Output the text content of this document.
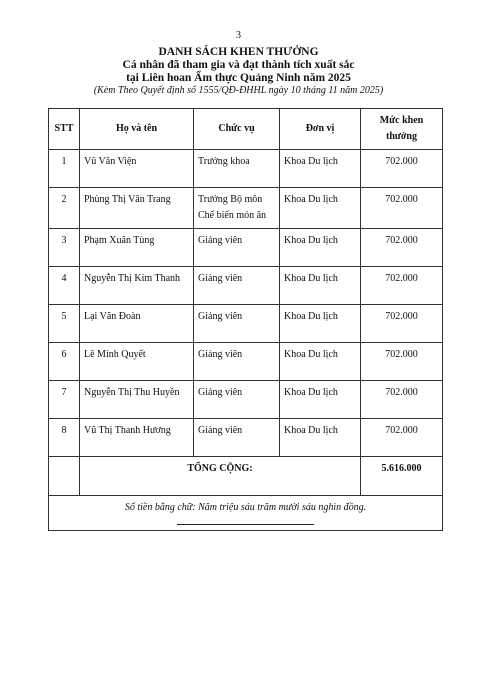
3
DANH SÁCH KHEN THƯỞNG
Cá nhân đã tham gia và đạt thành tích xuất sắc
tại Liên hoan Ẩm thực Quảng Ninh năm 2025
(Kèm Theo Quyết định số 1555/QĐ-ĐHHL ngày 10 tháng 11 năm 2025)
STT	Họ và tên	Chức vụ	Đơn vị	Mức khen thưởng
1	Vũ Văn Viện	Trưởng khoa	Khoa Du lịch	702.000
2	Phùng Thị Vân Trang	Trưởng Bộ môn Chế biến món ăn	Khoa Du lịch	702.000
3	Phạm Xuân Tùng	Giảng viên	Khoa Du lịch	702.000
4	Nguyễn Thị Kim Thanh	Giảng viên	Khoa Du lịch	702.000
5	Lại Văn Đoàn	Giảng viên	Khoa Du lịch	702.000
6	Lê Minh Quyết	Giảng viên	Khoa Du lịch	702.000
7	Nguyễn Thị Thu Huyền	Giảng viên	Khoa Du lịch	702.000
8	Vũ Thị Thanh Hương	Giảng viên	Khoa Du lịch	702.000
	TỔNG CỘNG:			5.616.000
Số tiền bằng chữ: Năm triệu sáu trăm mười sáu nghìn đồng.				
